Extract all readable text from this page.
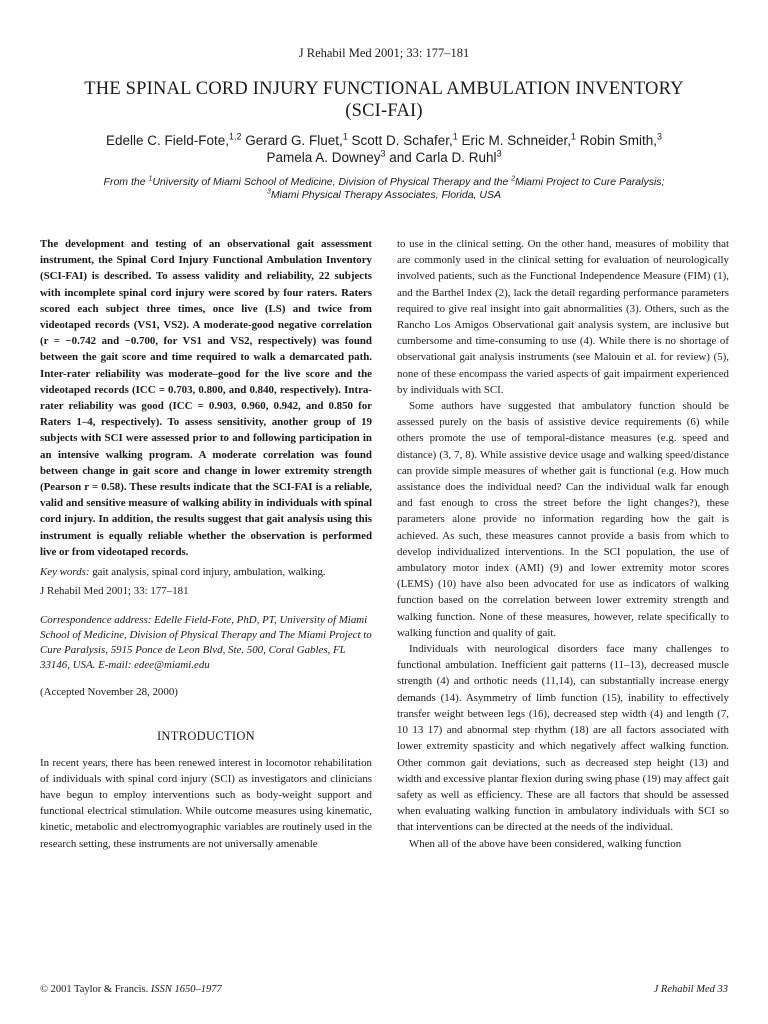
J Rehabil Med 2001; 33: 177–181
THE SPINAL CORD INJURY FUNCTIONAL AMBULATION INVENTORY
(SCI-FAI)
Edelle C. Field-Fote,$^{1,2}$ Gerard G. Fluet,$^1$ Scott D. Schafer,$^1$ Eric M. Schneider,$^1$ Robin Smith,$^3$
Pamela A. Downey$^3$ and Carla D. Ruhl$^3$
From the $^1$University of Miami School of Medicine, Division of Physical Therapy and the $^2$Miami Project to Cure Paralysis;
$^3$Miami Physical Therapy Associates, Florida, USA

The development and testing of an observational gait assessment instrument, the Spinal Cord Injury Functional Ambulation Inventory (SCI-FAI) is described. To assess validity and reliability, 22 subjects with incomplete spinal cord injury were scored by four raters. Raters scored each subject three times, once live (LS) and twice from videotaped records (VS1, VS2). A moderate-good negative correlation (r = −0.742 and −0.700, for VS1 and VS2, respectively) was found between the gait score and time required to walk a demarcated path. Inter-rater reliability was moderate–good for the live score and the videotaped records (ICC = 0.703, 0.800, and 0.840, respectively). Intra-rater reliability was good (ICC = 0.903, 0.960, 0.942, and 0.850 for Raters 1–4, respectively). To assess sensitivity, another group of 19 subjects with SCI were assessed prior to and following participation in an intensive walking program. A moderate correlation was found between change in gait score and change in lower extremity strength (Pearson r = 0.58). These results indicate that the SCI-FAI is a reliable, valid and sensitive measure of walking ability in individuals with spinal cord injury. In addition, the results suggest that gait analysis using this instrument is equally reliable whether the observation is performed live or from videotaped records.

Key words: gait analysis, spinal cord injury, ambulation, walking.

J Rehabil Med 2001; 33: 177–181

Correspondence address: Edelle Field-Fote, PhD, PT, University of Miami School of Medicine, Division of Physical Therapy and The Miami Project to Cure Paralysis, 5915 Ponce de Leon Blvd, Ste. 500, Coral Gables, FL 33146, USA. E-mail: edee@miami.edu

(Accepted November 28, 2000)

INTRODUCTION

In recent years, there has been renewed interest in locomotor rehabilitation of individuals with spinal cord injury (SCI) as investigators and clinicians have begun to employ interventions such as body-weight support and functional electrical stimulation. While outcome measures using kinematic, kinetic, metabolic and electromyographic variables are routinely used in the research setting, these instruments are not universally amenable

to use in the clinical setting. On the other hand, measures of mobility that are commonly used in the clinical setting for evaluation of neurologically involved patients, such as the Functional Independence Measure (FIM) (1), and the Barthel Index (2), lack the detail regarding performance parameters required to give real insight into gait abnormalities (3). Others, such as the Rancho Los Amigos Observational gait analysis system, are inclusive but cumbersome and time-consuming to use (4). While there is no shortage of observational gait analysis instruments (see Malouin et al. for review) (5), none of these encompass the varied aspects of gait impairment experienced by individuals with SCI.

Some authors have suggested that ambulatory function should be assessed purely on the basis of assistive device requirements (6) while others promote the use of temporal-distance measures (e.g. speed and distance) (3, 7, 8). While assistive device usage and walking speed/distance can provide simple measures of whether gait is functional (e.g. How much assistance does the individual need? Can the individual walk far enough and fast enough to cross the street before the light changes?), these parameters alone provide no information regarding how the gait is achieved. As such, these measures cannot provide a basis from which to develop individualized interventions. In the SCI population, the use of ambulatory motor index (AMI) (9) and lower extremity motor scores (LEMS) (10) have also been advocated for use as indicators of walking function based on the correlation between lower extremity strength and walking function. None of these measures, however, relate specifically to walking function and quality of gait.

Individuals with neurological disorders face many challenges to functional ambulation. Inefficient gait patterns (11–13), decreased muscle strength (4) and orthotic needs (11,14), can substantially increase energy demands (14). Asymmetry of limb function (15), inability to effectively transfer weight between legs (16), decreased step width (4) and length (7, 10 13 17) and abnormal step rhythm (18) are all factors associated with lower extremity spasticity and which negatively affect walking function. Other common gait deviations, such as decreased step height (13) and width and excessive plantar flexion during swing phase (19) may affect gait safety as well as efficiency. These are all factors that should be assessed when evaluating walking function in ambulatory individuals with SCI so that interventions can be directed at the needs of the individual.

When all of the above have been considered, walking function

© 2001 Taylor & Francis. ISSN 1650–1977	J Rehabil Med 33
